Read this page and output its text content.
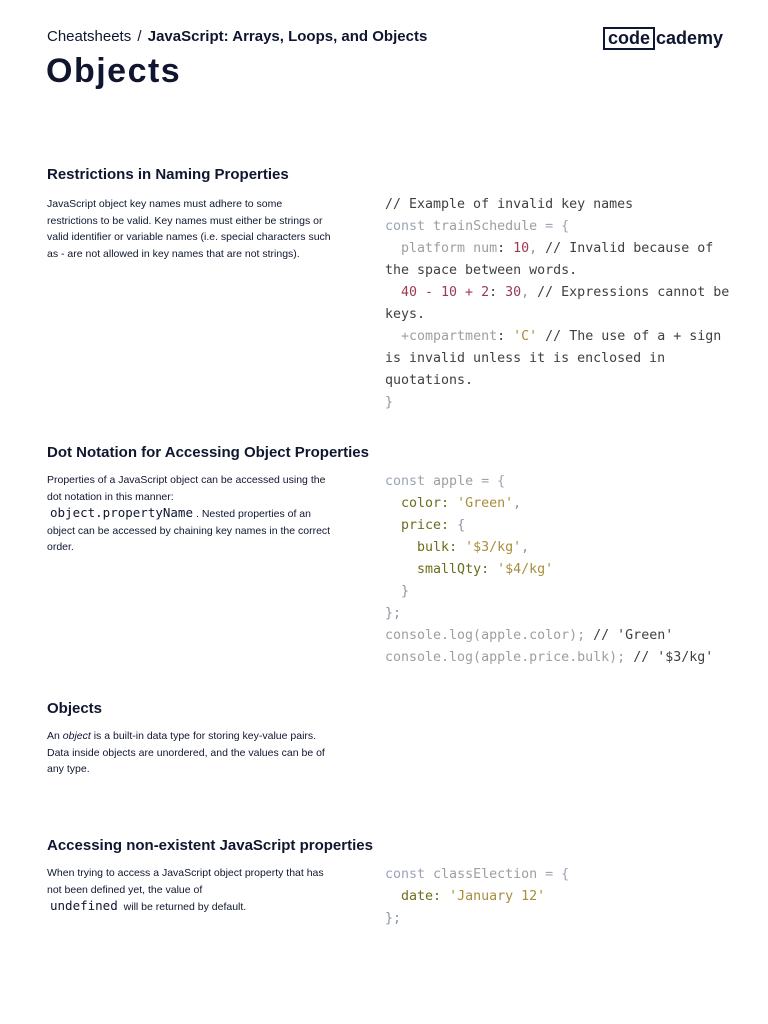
Cheatsheets / JavaScript: Arrays, Loops, and Objects	code cademy
Objects
Restrictions in Naming Properties

JavaScript object key names must adhere to some restrictions to be valid. Key names must either be strings or valid identifier or variable names (i.e. special characters such as - are not allowed in key names that are not strings).

// Example of invalid key names
const trainSchedule = {
platform num: 10, // Invalid because of the space between words.
40 - 10 + 2: 30, // Expressions cannot be keys.
+compartment: 'C' // The use of a + sign is invalid unless it is enclosed in quotations.
}
Dot Notation for Accessing Object Properties

Properties of a JavaScript object can be accessed using the dot notation in this manner:
object.propertyName . Nested properties of an object can be accessed by chaining key names in the correct order.

const apple = {
color: 'Green',
price: {
bulk: '$3/kg',
smallQty: '$4/kg'
}
};
console.log(apple.color); // 'Green'
console.log(apple.price.bulk); // '$3/kg'
Objects

An object is a built-in data type for storing key-value pairs. Data inside objects are unordered, and the values can be of any type.

Accessing non-existent JavaScript properties

When trying to access a JavaScript object property that has not been defined yet, the value of
undefined will be returned by default.

const classElection = {
date: 'January 12'
};
